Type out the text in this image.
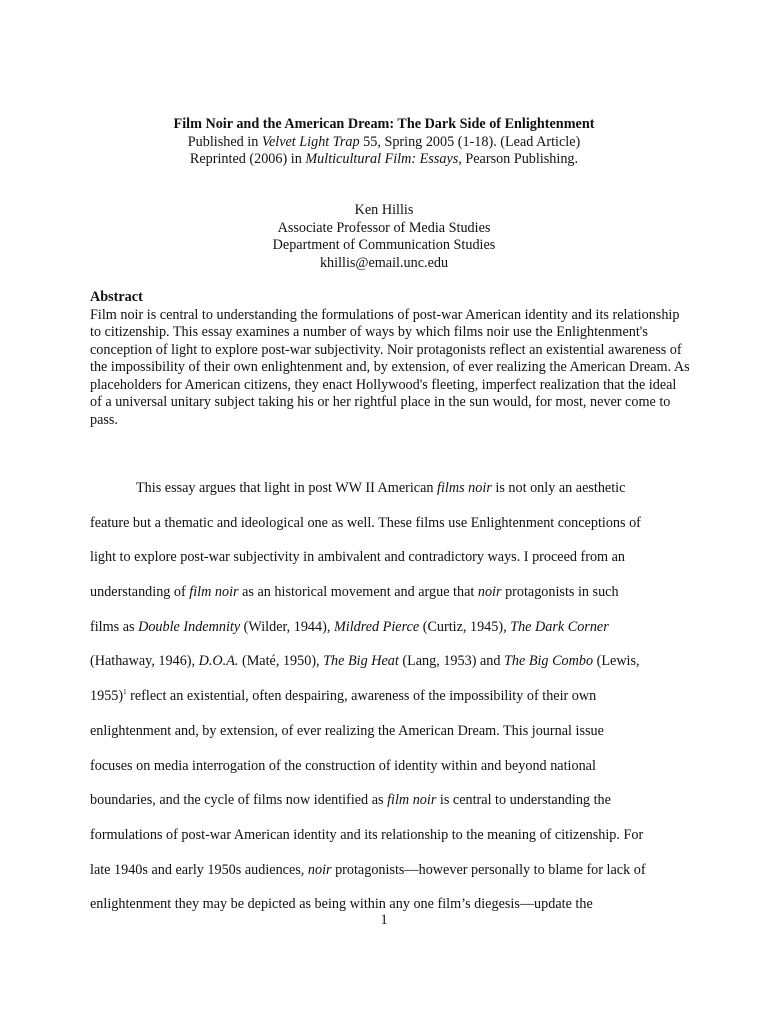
Film Noir and the American Dream: The Dark Side of Enlightenment
Published in Velvet Light Trap 55, Spring 2005 (1-18). (Lead Article)
Reprinted (2006) in Multicultural Film: Essays, Pearson Publishing.
Ken Hillis
Associate Professor of Media Studies
Department of Communication Studies
khillis@email.unc.edu
Abstract
Film noir is central to understanding the formulations of post-war American identity and its relationship to citizenship. This essay examines a number of ways by which films noir use the Enlightenment's conception of light to explore post-war subjectivity. Noir protagonists reflect an existential awareness of the impossibility of their own enlightenment and, by extension, of ever realizing the American Dream. As placeholders for American citizens, they enact Hollywood's fleeting, imperfect realization that the ideal of a universal unitary subject taking his or her rightful place in the sun would, for most, never come to pass.
This essay argues that light in post WW II American films noir is not only an aesthetic
feature but a thematic and ideological one as well. These films use Enlightenment conceptions of
light to explore post-war subjectivity in ambivalent and contradictory ways. I proceed from an
understanding of film noir as an historical movement and argue that noir protagonists in such
films as Double Indemnity (Wilder, 1944), Mildred Pierce (Curtiz, 1945), The Dark Corner
(Hathaway, 1946), D.O.A. (Maté, 1950), The Big Heat (Lang, 1953) and The Big Combo (Lewis,
1955)$^1$ reflect an existential, often despairing, awareness of the impossibility of their own
enlightenment and, by extension, of ever realizing the American Dream. This journal issue
focuses on media interrogation of the construction of identity within and beyond national
boundaries, and the cycle of films now identified as film noir is central to understanding the
formulations of post-war American identity and its relationship to the meaning of citizenship. For
late 1940s and early 1950s audiences, noir protagonists—however personally to blame for lack of
enlightenment they may be depicted as being within any one film’s diegesis—update the
1
